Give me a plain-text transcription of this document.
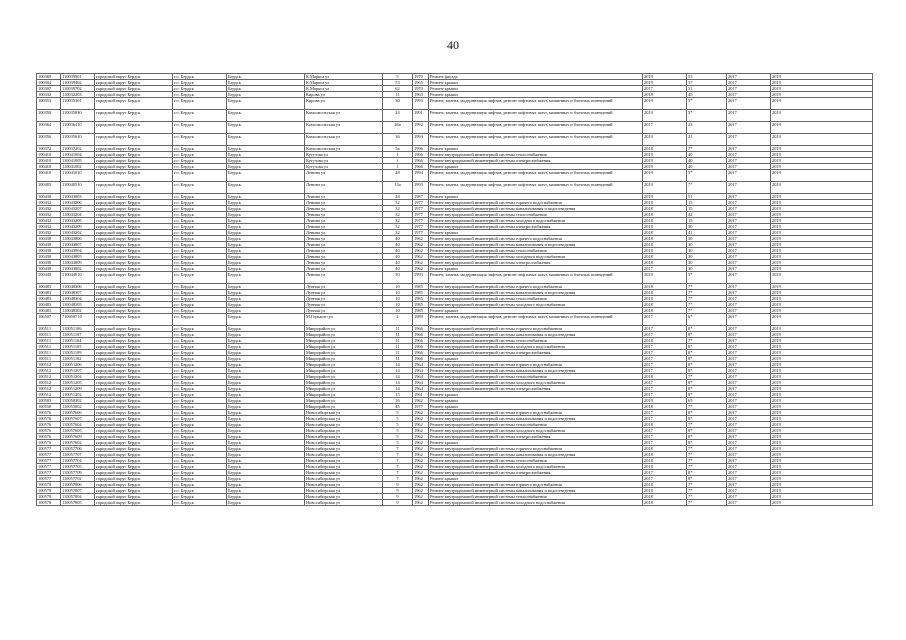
40
100369	110039901	городской округ Бердск	г.о. Бердск	Бердск	К.Маркса ул	5	1970	Ремонт фасада	2019	55	2017	2019
100304	110039402	городской округ Бердск	г.о. Бердск	Бердск	К.Маркса ул	53	1965	Ремонт крыши	2019	37	2017	2019
100307	110039702	городской округ Бердск	г.о. Бердск	Бердск	К.Маркса ул	62	1970	Ремонт крыши	2017	31	2017	2019
100332	110032203	городской округ Бердск	г.о. Бердск	Бердск	Кирова ул	11	1963	Ремонт крыши	2018	45	2017	2019
100353	110035301	городской округ Бердск	г.о. Бердск	Бердск	Кирова ул	30	1993	Ремонт, замена, модернизация лифтов, ремонт лифтовых шахт, машинных и блочных помещений	2019	5*	2017	2019
100350	110035030	городской округ Бердск	г.о. Бердск	Бердск	Комсомольская ул	24	1991	Ремонт, замена, модернизация лифтов, ремонт лифтовых шахт, машинных и блочных помещений	2019	5*	2017	2019
100364	110036410	городской округ Бердск	г.о. Бердск	Бердск	Комсомольская ул	26a	1992	Ремонт, замена, модернизация лифтов, ремонт лифтовых шахт, машинных и блочных помещений	2017	23	2017	2019
100356	110035610	городской округ Бердск	г.о. Бердск	Бердск	Комсомольская ул	36	1994	Ремонт, замена, модернизация лифтов, ремонт лифтовых шахт, машинных и блочных помещений	2019	21	2017	2019
100372	110037202	городской округ Бердск	г.о. Бердск	Бердск	Комсомольская ул	5a	1996	Ремонт крыши	2018	7*	2017	2019
100410	110041004	городской округ Бердск	г.о. Бердск	Бердск	Кутузова ул	1	1966	Ремонт внутридомовой инженерной системы теплоснабжения	2019	40	2017	2019
100410	110041005	городской округ Бердск	г.о. Бердск	Бердск	Кутузова ул	1	1966	Ремонт внутридомовой инженерной системы электроснабжения	2019	40	2017	2019
100410	110041002	городской округ Бердск	г.о. Бердск	Бердск	Кутузова ул	1	1966	Ремонт крыши	2019	40	2017	2019
100410	110041010	городской округ Бердск	г.о. Бердск	Бердск	Ленина ул	28	1994	Ремонт, замена, модернизация лифтов, ремонт лифтовых шахт, машинных и блочных помещений	2019	5*	2017	2019
100405	110040510	городской округ Бердск	г.о. Бердск	Бердск	Ленина ул	13a	1993	Ремонт, замена, модернизация лифтов, ремонт лифтовых шахт, машинных и блочных помещений	2019	7*	2017	2019
100430	110043003	городской округ Бердск	г.о. Бердск	Бердск	Ленина ул	28	1987	Ремонт крыши	2019	51	2017	2019
100432	110043206	городской округ Бердск	г.о. Бердск	Бердск	Ленина ул	32	1977	Ремонт внутридомовой инженерной системы горячего водоснабжения	2018	15	2017	2019
100432	110043207	городской округ Бердск	г.о. Бердск	Бердск	Ленина ул	32	1977	Ремонт внутридомовой инженерной системы канализования и водоотведения	2018	15	2017	2019
100432	110043204	городской округ Бердск	г.о. Бердск	Бердск	Ленина ул	32	1977	Ремонт внутридомовой инженерной системы теплоснабжения	2018	42	2017	2019
100432	110043205	городской округ Бердск	г.о. Бердск	Бердск	Ленина ул	32	1977	Ремонт внутридомовой инженерной системы холодного водоснабжения	2018	15	2017	2019
100432	110043209	городской округ Бердск	г.о. Бердск	Бердск	Ленина ул	32	1977	Ремонт внутридомовой инженерной системы электроснабжения	2018	50	2017	2019
100432	110043202	городской округ Бердск	г.о. Бердск	Бердск	Ленина ул	32	1977	Ремонт крыши	2018	41	2017	2019
100438	110043806	городской округ Бердск	г.о. Бердск	Бердск	Ленина ул	40	1962	Ремонт внутридомовой инженерной системы горячего водоснабжения	2018	30	2017	2019
100438	110043807	городской округ Бердск	г.о. Бердск	Бердск	Ленина ул	40	1962	Ремонт внутридомовой инженерной системы канализования и водоотведения	2018	30	2017	2019
100438	110043804	городской округ Бердск	г.о. Бердск	Бердск	Ленина ул	40	1962	Ремонт внутридомовой инженерной системы теплоснабжения	2018	30	2017	2019
100438	110043805	городской округ Бердск	г.о. Бердск	Бердск	Ленина ул	40	1962	Ремонт внутридомовой инженерной системы холодного водоснабжения	2018	30	2017	2019
100438	110043809	городской округ Бердск	г.о. Бердск	Бердск	Ленина ул	40	1962	Ремонт внутридомовой инженерной системы электроснабжения	2018	30	2017	2019
100438	110043802	городской округ Бердск	г.о. Бердск	Бердск	Ленина ул	40	1962	Ремонт крыши	2017	30	2017	2019
100449	110044910	городской округ Бердск	г.о. Бердск	Бердск	Ленина ул	50	1993	Ремонт, замена, модернизация лифтов, ремонт лифтовых шахт, машинных и блочных помещений	2019	5*	2017	2019
100483	110048306	городской округ Бердск	г.о. Бердск	Бердск	Лунная ул	10	1985	Ремонт внутридомовой инженерной системы горячего водоснабжения	2018	7*	2017	2019
100483	110048307	городской округ Бердск	г.о. Бердск	Бердск	Лунная ул	10	1985	Ремонт внутридомовой инженерной системы канализования и водоотведения	2018	7*	2017	2019
100483	110048304	городской округ Бердск	г.о. Бердск	Бердск	Лунная ул	10	1985	Ремонт внутридомовой инженерной системы теплоснабжения	2018	7*	2017	2019
100483	110048305	городской округ Бердск	г.о. Бердск	Бердск	Лунная ул	10	1985	Ремонт внутридомовой инженерной системы холодного водоснабжения	2018	7*	2017	2019
100483	110048302	городской округ Бердск	г.о. Бердск	Бердск	Лунная ул	10	1985	Ремонт крыши	2018	7*	2017	2019
106507	710050710	городской округ Бердск	г.о. Бердск	Бердск	М.Горького ул	2	1989	Ремонт, замена, модернизация лифтов, ремонт лифтовых шахт, машинных и блочных помещений	2017	6*	2017	2019
100511	110051106	городской округ Бердск	г.о. Бердск	Бердск	Микрорайон ул	11	1966	Ремонт внутридомовой инженерной системы горячего водоснабжения	2017	8*	2017	2019
100511	110051107	городской округ Бердск	г.о. Бердск	Бердск	Микрорайон ул	11	1966	Ремонт внутридомовой инженерной системы канализования и водоотведения	2017	8*	2017	2019
100511	110051104	городской округ Бердск	г.о. Бердск	Бердск	Микрорайон ул	11	1966	Ремонт внутридомовой инженерной системы теплоснабжения	2018	7*	2017	2019
100511	110051105	городской округ Бердск	г.о. Бердск	Бердск	Микрорайон ул	11	1966	Ремонт внутридомовой инженерной системы холодного водоснабжения	2017	8*	2017	2019
100511	110051109	городской округ Бердск	г.о. Бердск	Бердск	Микрорайон ул	11	1966	Ремонт внутридомовой инженерной системы электроснабжения	2017	8*	2017	2019
100511	110051102	городской округ Бердск	г.о. Бердск	Бердск	Микрорайон ул	11	1966	Ремонт крыши	2017	8*	2017	2019
100512	110051206	городской округ Бердск	г.о. Бердск	Бердск	Микрорайон ул	14	1964	Ремонт внутридомовой инженерной системы горячего водоснабжения	2017	8*	2017	2019
100512	110051207	городской округ Бердск	г.о. Бердск	Бердск	Микрорайон ул	14	1964	Ремонт внутридомовой инженерной системы канализования и водоотведения	2017	8*	2017	2019
100512	110051204	городской округ Бердск	г.о. Бердск	Бердск	Микрорайон ул	14	1964	Ремонт внутридомовой инженерной системы теплоснабжения	2018	7*	2017	2019
100512	110051205	городской округ Бердск	г.о. Бердск	Бердск	Микрорайон ул	14	1964	Ремонт внутридомовой инженерной системы холодного водоснабжения	2017	8*	2017	2019
100512	110051209	городской округ Бердск	г.о. Бердск	Бердск	Микрорайон ул	14	1964	Ремонт внутридомовой инженерной системы электроснабжения	2017	8*	2017	2019
100512	110051202	городской округ Бердск	г.о. Бердск	Бердск	Микрорайон ул	15	1961	Ремонт крыши	2017	8*	2017	2019
100503	110050302	городской округ Бердск	г.о. Бердск	Бердск	Микрорайон ул	16	1962	Ремонт крыши	2019	65	2017	2019
100550	110055002	городской округ Бердск	г.о. Бердск	Бердск	Микрорайон ул	45	1977	Ремонт крыши	2018	7*	2017	2019
100576	110057606	городской округ Бердск	г.о. Бердск	Бердск	Новосибирская ул	5	1962	Ремонт внутридомовой инженерной системы горячего водоснабжения	2017	8*	2017	2019
100576	110057607	городской округ Бердск	г.о. Бердск	Бердск	Новосибирская ул	5	1962	Ремонт внутридомовой инженерной системы канализования и водоотведения	2017	8*	2017	2019
100576	110057604	городской округ Бердск	г.о. Бердск	Бердск	Новосибирская ул	5	1962	Ремонт внутридомовой инженерной системы теплоснабжения	2018	7*	2017	2019
100576	110057605	городской округ Бердск	г.о. Бердск	Бердск	Новосибирская ул	5	1962	Ремонт внутридомовой инженерной системы холодного водоснабжения	2017	8*	2017	2019
100576	110057609	городской округ Бердск	г.о. Бердск	Бердск	Новосибирская ул	5	1962	Ремонт внутридомовой инженерной системы электроснабжения	2017	8*	2017	2019
100576	110057602	городской округ Бердск	г.о. Бердск	Бердск	Новосибирская ул	5	1962	Ремонт крыши	2017	8*	2017	2019
100577	110057706	городской округ Бердск	г.о. Бердск	Бердск	Новосибирская ул	7	1962	Ремонт внутридомовой инженерной системы горячего водоснабжения	2018	7*	2017	2019
100577	110057707	городской округ Бердск	г.о. Бердск	Бердск	Новосибирская ул	7	1962	Ремонт внутридомовой инженерной системы канализования и водоотведения	2018	7*	2017	2019
100577	110057704	городской округ Бердск	г.о. Бердск	Бердск	Новосибирская ул	7	1962	Ремонт внутридомовой инженерной системы теплоснабжения	2018	7*	2017	2019
100577	110057705	городской округ Бердск	г.о. Бердск	Бердск	Новосибирская ул	7	1962	Ремонт внутридомовой инженерной системы холодного водоснабжения	2018	7*	2017	2019
100577	110057709	городской округ Бердск	г.о. Бердск	Бердск	Новосибирская ул	7	1962	Ремонт внутридомовой инженерной системы электроснабжения	2017	8*	2017	2019
100577	110057702	городской округ Бердск	г.о. Бердск	Бердск	Новосибирская ул	7	1962	Ремонт крыши	2017	8*	2017	2019
100578	110057806	городской округ Бердск	г.о. Бердск	Бердск	Новосибирская ул	9	1962	Ремонт внутридомовой инженерной системы горячего водоснабжения	2018	7*	2017	2019
100578	110057807	городской округ Бердск	г.о. Бердск	Бердск	Новосибирская ул	9	1962	Ремонт внутридомовой инженерной системы канализования и водоотведения	2018	7*	2017	2019
100578	110057804	городской округ Бердск	г.о. Бердск	Бердск	Новосибирская ул	9	1962	Ремонт внутридомовой инженерной системы теплоснабжения	2018	7*	2017	2019
100578	110057805	городской округ Бердск	г.о. Бердск	Бердск	Новосибирская ул	9	1962	Ремонт внутридомовой инженерной системы холодного водоснабжения	2018	7*	2017	2019
